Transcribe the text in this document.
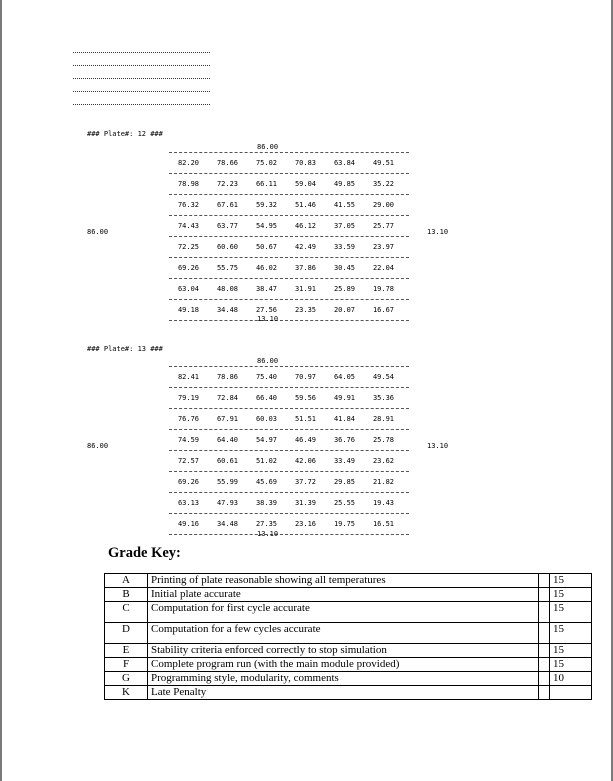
### Plate#: 12 ###
86.00
86.00	13.10
82.20	78.66	75.02	70.83	63.84	49.51
78.98	72.23	66.11	59.04	49.85	35.22
76.32	67.61	59.32	51.46	41.55	29.00
74.43	63.77	54.95	46.12	37.05	25.77
72.25	60.60	50.67	42.49	33.59	23.97
69.26	55.75	46.02	37.86	30.45	22.04
63.04	48.08	38.47	31.91	25.89	19.78
49.18	34.48	27.56	23.35	20.07	16.67
13.10
### Plate#: 13 ###
86.00
86.00	13.10
82.41	78.86	75.40	70.97	64.05	49.54
79.19	72.84	66.40	59.56	49.91	35.36
76.76	67.91	60.03	51.51	41.84	28.91
74.59	64.40	54.97	46.49	36.76	25.78
72.57	60.61	51.02	42.06	33.49	23.62
69.26	55.99	45.69	37.72	29.85	21.82
63.13	47.93	38.39	31.39	25.55	19.43
49.16	34.48	27.35	23.16	19.75	16.51
13.10
Grade Key:
A	Printing of plate reasonable showing all temperatures		15
B	Initial plate accurate		15
C	Computation for first cycle accurate		15
D	Computation for a few cycles accurate		15
E	Stability criteria enforced correctly to stop simulation		15
F	Complete program run (with the main module provided)		15
G	Programming style, modularity, comments		10
K	Late Penalty		
